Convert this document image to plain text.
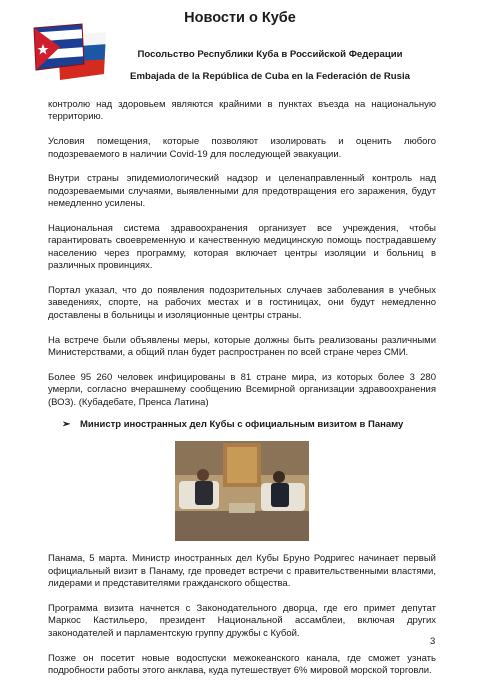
Новости о Кубе
Посольство Республики Куба в Российской Федерации
Embajada de la República de Cuba en la Federación de Rusia

контролю над здоровьем являются крайними в пунктах въезда на национальную территорию.

Условия помещения, которые позволяют изолировать и оценить любого подозреваемого в наличии Covid-19 для последующей эвакуации.

Внутри страны эпидемиологический надзор и целенаправленный контроль над подозреваемыми случаями, выявленными для предотвращения его заражения, будут немедленно усилены.

Национальная система здравоохранения организует все учреждения, чтобы гарантировать своевременную и качественную медицинскую помощь пострадавшему населению через программу, которая включает центры изоляции и больниц в различных провинциях.

Портал указал, что до появления подозрительных случаев заболевания в учебных заведениях, спорте, на рабочих местах и в гостиницах, они будут немедленно доставлены в больницы и изоляционные центры страны.

На встрече были объявлены меры, которые должны быть реализованы различными Министерствами, а общий план будет распространен по всей стране через СМИ.

Более 95 260 человек инфицированы в 81 стране мира, из которых более 3 280 умерли, согласно вчерашнему сообщению Всемирной организации здравоохранения (ВОЗ). (Кубадебате, Пренса Латина)

➢	Министр иностранных дел Кубы с официальным визитом в Панаму

Панама, 5 марта. Министр иностранных дел Кубы Бруно Родригес начинает первый официальный визит в Панаму, где проведет встречи с правительственными властями, лидерами и представителями гражданского общества.

Программа визита начнется с Законодательного дворца, где его примет депутат Маркос Кастильеро, президент Национальной ассамблеи, включая других законодателей и парламентскую группу дружбы с Кубой.

Позже он посетит новые водоспуски межокеанского канала, где сможет узнать подробности работы этого анклава, куда путешествует 6% мировой морской торговли.

3
